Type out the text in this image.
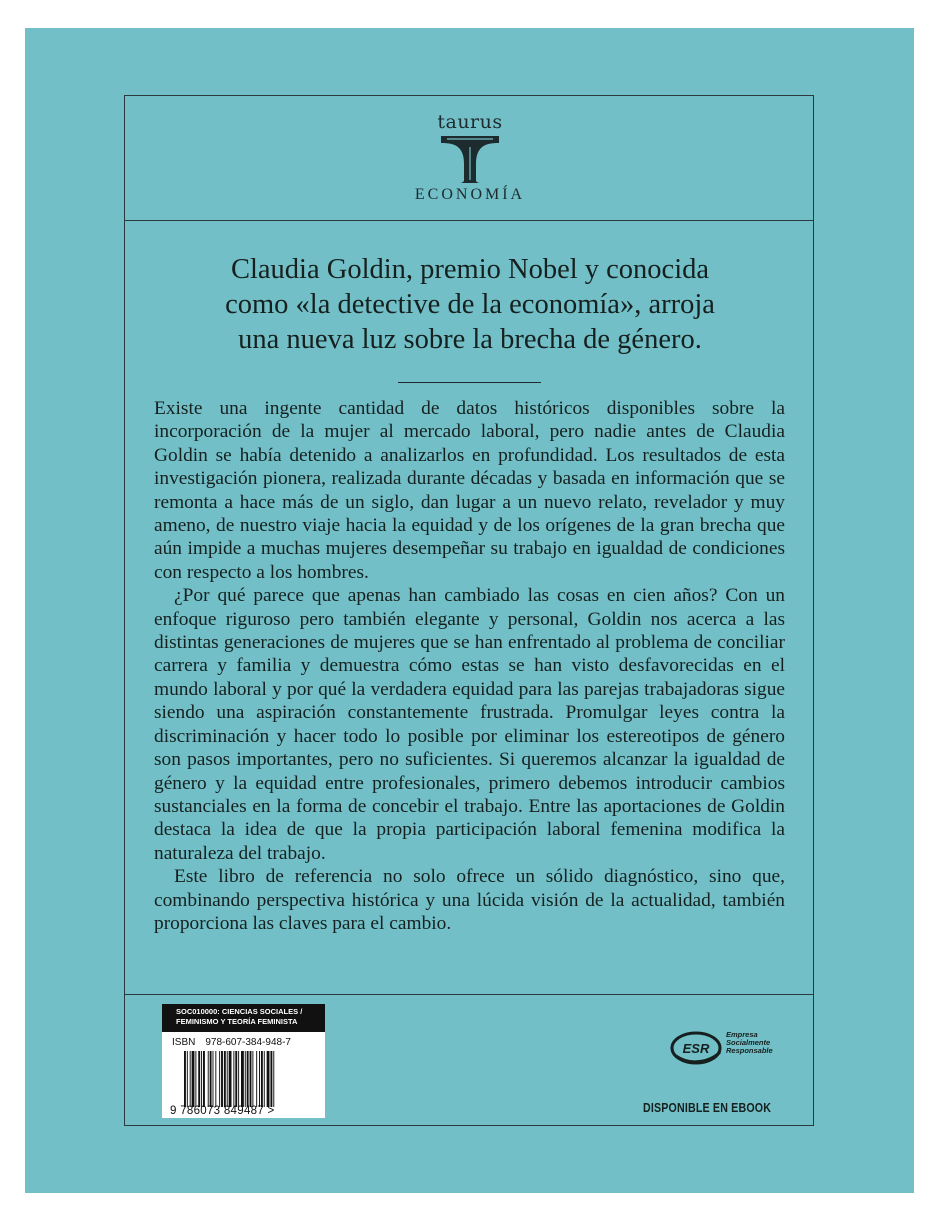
taurus
ECONOMÍA
Claudia Goldin, premio Nobel y conocida
como «la detective de la economía», arroja
una nueva luz sobre la brecha de género.

Existe una ingente cantidad de datos históricos disponibles sobre la incorporación de la mujer al mercado laboral, pero nadie antes de Claudia Goldin se había detenido a analizarlos en profundidad. Los resultados de esta investigación pionera, realizada durante décadas y basada en información que se remonta a hace más de un siglo, dan lugar a un nuevo relato, revelador y muy ameno, de nuestro viaje hacia la equidad y de los orígenes de la gran brecha que aún impide a muchas mujeres desempeñar su trabajo en igualdad de condiciones con respecto a los hombres.

¿Por qué parece que apenas han cambiado las cosas en cien años? Con un enfoque riguroso pero también elegante y personal, Goldin nos acerca a las distintas generaciones de mujeres que se han enfrentado al problema de conciliar carrera y familia y demuestra cómo estas se han visto desfavorecidas en el mundo laboral y por qué la verdadera equidad para las parejas trabajadoras sigue siendo una aspiración constantemente frustrada. Promulgar leyes contra la discriminación y hacer todo lo posible por eliminar los estereotipos de género son pasos importantes, pero no suficientes. Si queremos alcanzar la igualdad de género y la equidad entre profesionales, primero debemos introducir cambios sustanciales en la forma de concebir el trabajo. Entre las aportaciones de Goldin destaca la idea de que la propia participación laboral femenina modifica la naturaleza del trabajo.

Este libro de referencia no solo ofrece un sólido diagnóstico, sino que, combinando perspectiva histórica y una lúcida visión de la actualidad, también proporciona las claves para el cambio.

SOC010000: CIENCIAS SOCIALES /
FEMINISMO Y TEORÍA FEMINISTA
ISBN 978-607-384-948-7
9 786073 849487 >
ESR
Empresa
Socialmente
Responsable
DISPONIBLE EN EBOOK
